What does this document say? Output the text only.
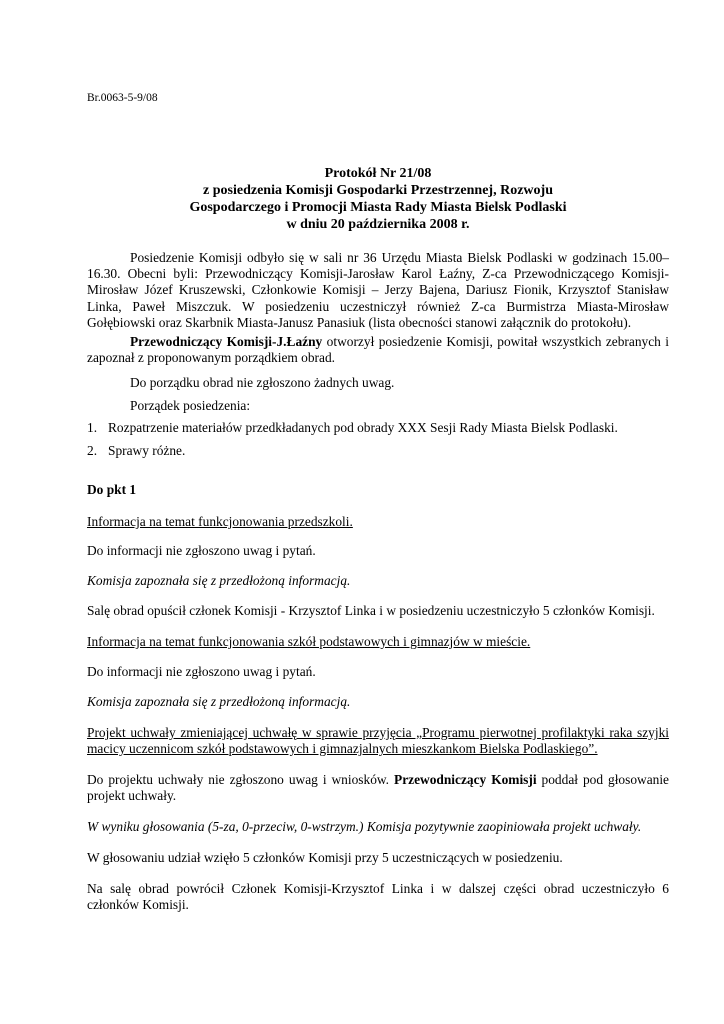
Br.0063-5-9/08
Protokół Nr 21/08
z posiedzenia Komisji Gospodarki Przestrzennej, Rozwoju
Gospodarczego i Promocji Miasta Rady Miasta Bielsk Podlaski
w dniu 20 października 2008 r.

Posiedzenie Komisji odbyło się w sali nr 36 Urzędu Miasta Bielsk Podlaski w godzinach 15.00–16.30. Obecni byli: Przewodniczący Komisji-Jarosław Karol Łaźny, Z-ca Przewodniczącego Komisji-Mirosław Józef Kruszewski, Członkowie Komisji – Jerzy Bajena, Dariusz Fionik, Krzysztof Stanisław Linka, Paweł Miszczuk. W posiedzeniu uczestniczył również Z-ca Burmistrza Miasta-Mirosław Gołębiowski oraz Skarbnik Miasta-Janusz Panasiuk (lista obecności stanowi załącznik do protokołu).

Przewodniczący Komisji-J.Łaźny otworzył posiedzenie Komisji, powitał wszystkich zebranych i zapoznał z proponowanym porządkiem obrad.

Do porządku obrad nie zgłoszono żadnych uwag.

Porządek posiedzenia:

1. Rozpatrzenie materiałów przedkładanych pod obrady XXX Sesji Rady Miasta Bielsk Podlaski.
2. Sprawy różne.
Do pkt 1
Informacja na temat funkcjonowania przedszkoli.
Do informacji nie zgłoszono uwag i pytań.
Komisja zapoznała się z przedłożoną informacją.
Salę obrad opuścił członek Komisji - Krzysztof Linka i w posiedzeniu uczestniczyło 5 członków Komisji.
Informacja na temat funkcjonowania szkół podstawowych i gimnazjów w mieście.
Do informacji nie zgłoszono uwag i pytań.
Komisja zapoznała się z przedłożoną informacją.

Projekt uchwały zmieniającej uchwałę w sprawie przyjęcia „Programu pierwotnej profilaktyki raka szyjki macicy uczennicom szkół podstawowych i gimnazjalnych mieszkankom Bielska Podlaskiego”.

Do projektu uchwały nie zgłoszono uwag i wniosków. Przewodniczący Komisji poddał pod głosowanie projekt uchwały.

W wyniku głosowania (5-za, 0-przeciw, 0-wstrzym.) Komisja pozytywnie zaopiniowała projekt uchwały.
W głosowaniu udział wzięło 5 członków Komisji przy 5 uczestniczących w posiedzeniu.

Na salę obrad powrócił Członek Komisji-Krzysztof Linka i w dalszej części obrad uczestniczyło 6 członków Komisji.
